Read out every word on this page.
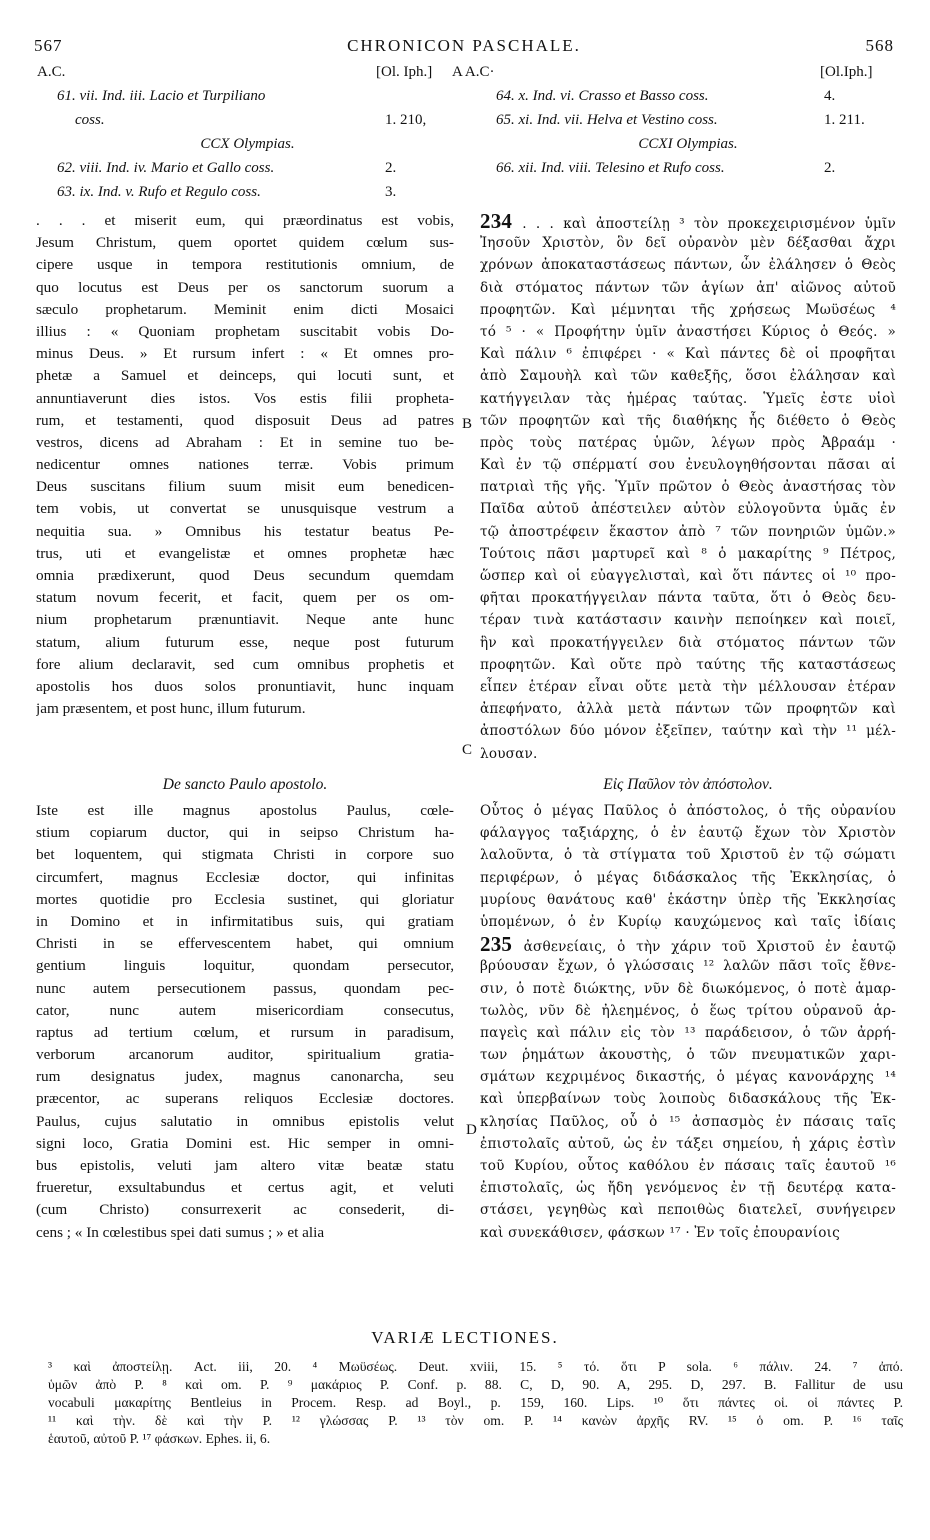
567	CHRONICON PASCHALE.	568
A.C.	[Ol. Iph.] A A.C·	[Ol.Iph.]
61. vii. Ind. iii. Lacio et Turpiliano
coss.	1. 210,
CCX Olympias.
62. viii. Ind. iv. Mario et Gallo coss.	2.
63. ix. Ind. v. Rufo et Regulo coss.	3.
64. x. Ind. vi. Crasso et Basso coss.	4.
65. xi. Ind. vii. Helva et Vestino coss.	1. 211.
CCXI Olympias.
66. xii. Ind. viii. Telesino et Rufo coss.	2.
. . . et miserit eum, qui præordinatus est vobis,
Jesum Christum, quem oportet quidem cœlum sus-
cipere usque in tempora restitutionis omnium, de
quo locutus est Deus per os sanctorum suorum a
sæculo prophetarum. Meminit enim dicti Mosaici
illius : « Quoniam prophetam suscitabit vobis Do-
minus Deus. » Et rursum infert : « Et omnes pro-
phetæ a Samuel et deinceps, qui locuti sunt, et
annuntiaverunt dies istos. Vos estis filii propheta-
rum, et testamenti, quod disposuit Deus ad patres
vestros, dicens ad Abraham : Et in semine tuo be-
nedicentur omnes nationes terræ. Vobis primum
Deus suscitans filium suum misit eum benedicen-
tem vobis, ut convertat se unusquisque vestrum a
nequitia sua. » Omnibus his testatur beatus Pe-
trus, uti et evangelistæ et omnes prophetæ hæc
omnia prædixerunt, quod Deus secundum quemdam
statum novum fecerit, et facit, quem per os om-
nium prophetarum prænuntiavit. Neque ante hunc
statum, alium futurum esse, neque post futurum
fore alium declaravit, sed cum omnibus prophetis et
apostolis hos duos solos pronuntiavit, hunc inquam
jam præsentem, et post hunc, illum futurum.
De sancto Paulo apostolo.
Iste est ille magnus apostolus Paulus, cœle-
stium copiarum ductor, qui in seipso Christum ha-
bet loquentem, qui stigmata Christi in corpore suo
circumfert, magnus Ecclesiæ doctor, qui infinitas
mortes quotidie pro Ecclesia sustinet, qui gloriatur
in Domino et in infirmitatibus suis, qui gratiam
Christi in se effervescentem habet, qui omnium
gentium linguis loquitur, quondam persecutor,
nunc autem persecutionem passus, quondam pec-
cator, nunc autem misericordiam consecutus,
raptus ad tertium cœlum, et rursum in paradisum,
verborum arcanorum auditor, spiritualium gratia-
rum designatus judex, magnus canonarcha, seu
præcentor, ac superans reliquos Ecclesiæ doctores.
Paulus, cujus salutatio in omnibus epistolis velut
signi loco, Gratia Domini est. Hic semper in omni-
bus epistolis, veluti jam altero vitæ beatæ statu
frueretur, exsultabundus et certus agit, et veluti
(cum Christo) consurrexerit ac consederit, di-
cens ; « In cœlestibus spei dati sumus ; » et alia
234 . . . καὶ ἀποστείλῃ ³ τὸν προκεχειρισμένον ὑμῖν
Ἰησοῦν Χριστὸν, ὃν δεῖ οὐρανὸν μὲν δέξασθαι ἄχρι
χρόνων ἀποκαταστάσεως πάντων, ὧν ἐλάλησεν ὁ Θεὸς
διὰ στόματος πάντων τῶν ἁγίων ἀπ' αἰῶνος αὐτοῦ
προφητῶν. Καὶ μέμνηται τῆς χρήσεως Μωϋσέως ⁴
τό ⁵ · « Προφήτην ὑμῖν ἀναστήσει Κύριος ὁ Θεός. »
Καὶ πάλιν ⁶ ἐπιφέρει · « Καὶ πάντες δὲ οἱ προφῆται
ἀπὸ Σαμουὴλ καὶ τῶν καθεξῆς, ὅσοι ἐλάλησαν καὶ
κατήγγειλαν τὰς ἡμέρας ταύτας. Ὑμεῖς ἐστε υἱοὶ
τῶν προφητῶν καὶ τῆς διαθήκης ἧς διέθετο ὁ Θεὸς
πρὸς τοὺς πατέρας ὑμῶν, λέγων πρὸς Ἀβραάμ ·
Καὶ ἐν τῷ σπέρματί σου ἐνευλογηθήσονται πᾶσαι αἱ
πατριαὶ τῆς γῆς. Ὑμῖν πρῶτον ὁ Θεὸς ἀναστήσας τὸν
Παῖδα αὐτοῦ ἀπέστειλεν αὐτὸν εὐλογοῦντα ὑμᾶς ἐν
τῷ ἀποστρέφειν ἕκαστον ἀπὸ ⁷ τῶν πονηριῶν ὑμῶν.»
Τούτοις πᾶσι μαρτυρεῖ καὶ ⁸ ὁ μακαρίτης ⁹ Πέτρος,
ὥσπερ καὶ οἱ εὐαγγελισταὶ, καὶ ὅτι πάντες οἱ ¹⁰ προ-
φῆται προκατήγγειλαν πάντα ταῦτα, ὅτι ὁ Θεὸς δευ-
τέραν τινὰ κατάστασιν καινὴν πεποίηκεν καὶ ποιεῖ,
ἣν καὶ προκατήγγειλεν διὰ στόματος πάντων τῶν
προφητῶν. Καὶ οὔτε πρὸ ταύτης τῆς καταστάσεως
εἶπεν ἑτέραν εἶναι οὔτε μετὰ τὴν μέλλουσαν ἑτέραν
ἀπεφήνατο, ἀλλὰ μετὰ πάντων τῶν προφητῶν καὶ
ἀποστόλων δύο μόνον ἐξεῖπεν, ταύτην καὶ τὴν ¹¹ μέλ-
λουσαν.
Εἰς Παῦλον τὸν ἀπόστολον.
Οὗτος ὁ μέγας Παῦλος ὁ ἀπόστολος, ὁ τῆς οὐρανίου
φάλαγγος ταξιάρχης, ὁ ἐν ἑαυτῷ ἔχων τὸν Χριστὸν
λαλοῦντα, ὁ τὰ στίγματα τοῦ Χριστοῦ ἐν τῷ σώματι
περιφέρων, ὁ μέγας διδάσκαλος τῆς Ἐκκλησίας, ὁ
μυρίους θανάτους καθ' ἑκάστην ὑπὲρ τῆς Ἐκκλησίας
ὑπομένων, ὁ ἐν Κυρίῳ καυχώμενος καὶ ταῖς ἰδίαις
235 ἀσθενείαις, ὁ τὴν χάριν τοῦ Χριστοῦ ἐν ἑαυτῷ
βρύουσαν ἔχων, ὁ γλώσσαις ¹² λαλῶν πᾶσι τοῖς ἔθνε-
σιν, ὁ ποτὲ διώκτης, νῦν δὲ διωκόμενος, ὁ ποτὲ ἁμαρ-
τωλὸς, νῦν δὲ ἠλεημένος, ὁ ἕως τρίτου οὐρανοῦ ἁρ-
παγεὶς καὶ πάλιν εἰς τὸν ¹³ παράδεισον, ὁ τῶν ἀρρή-
των ῥημάτων ἀκουστὴς, ὁ τῶν πνευματικῶν χαρι-
σμάτων κεχριμένος δικαστής, ὁ μέγας κανονάρχης ¹⁴
καὶ ὑπερβαίνων τοὺς λοιποὺς διδασκάλους τῆς Ἐκ-
κλησίας Παῦλος, οὗ ὁ ¹⁵ ἀσπασμὸς ἐν πάσαις ταῖς
ἐπιστολαῖς αὐτοῦ, ὡς ἐν τάξει σημείου, ἡ χάρις ἐστὶν
τοῦ Κυρίου, οὗτος καθόλου ἐν πάσαις ταῖς ἑαυτοῦ ¹⁶
ἐπιστολαῖς, ὡς ἤδη γενόμενος ἐν τῇ δευτέρᾳ κατα-
στάσει, γεγηθὼς καὶ πεποιθὼς διατελεῖ, συνήγειρεν
καὶ συνεκάθισεν, φάσκων ¹⁷ · Ἐν τοῖς ἐπουρανίοις
B
C
D
VARIÆ LECTIONES.
³ καὶ ἀποστείλῃ. Act. iii, 20. ⁴ Μωϋσέως. Deut. xviii, 15. ⁵ τό. ὅτι P sola. ⁶ πάλιν. 24. ⁷ ἀπό.
ὑμῶν ἀπὸ P. ⁸ καὶ om. P. ⁹ μακάριος P. Conf. p. 88. C, D, 90. A, 295. D, 297. B. Fallitur de usu
vocabuli μακαρίτης Bentleius in Procem. Resp. ad Boyl., p. 159, 160. Lips. ¹⁰ ὅτι πάντες οἱ. οἱ πάντες P.
¹¹ καὶ τὴν. δὲ καὶ τὴν P. ¹² γλώσσας P. ¹³ τὸν om. P. ¹⁴ κανὼν ἀρχῆς RV. ¹⁵ ὁ om. P. ¹⁶ ταῖς
ἑαυτοῦ, αὐτοῦ P. ¹⁷ φάσκων. Ephes. ii, 6.
